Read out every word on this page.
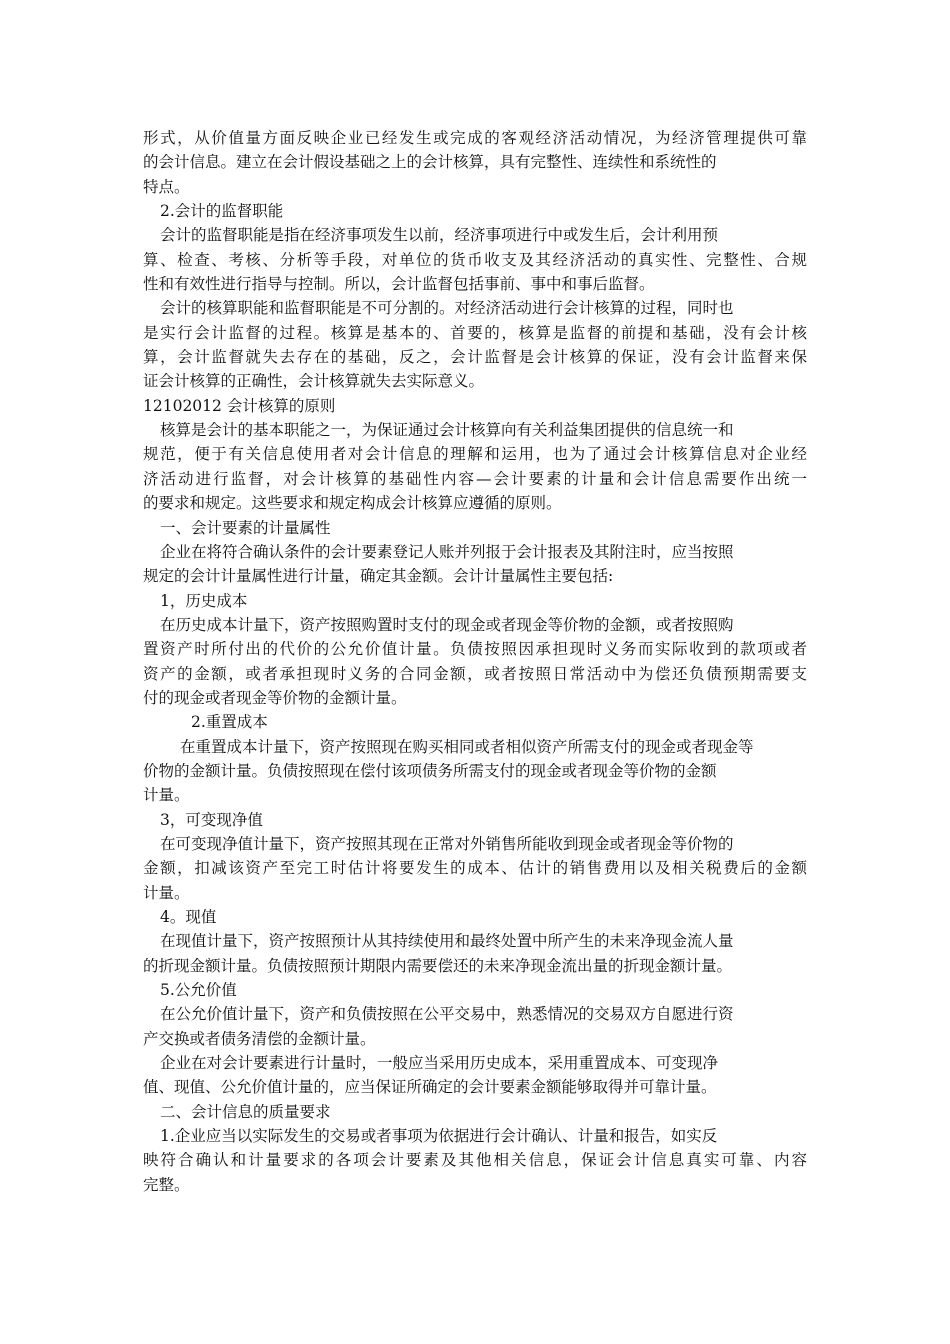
形式，从价值量方面反映企业已经发生或完成的客观经济活动情况，为经济管理提供可靠
的会计信息。建立在会计假设基础之上的会计核算，具有完整性、连续性和系统性的
特点。
2.会计的监督职能
会计的监督职能是指在经济事项发生以前，经济事项进行中或发生后，会计利用预
算、检查、考核、分析等手段，对单位的货币收支及其经济活动的真实性、完整性、合规
性和有效性进行指导与控制。所以，会计监督包括事前、事中和事后监督。
会计的核算职能和监督职能是不可分割的。对经济活动进行会计核算的过程，同时也
是实行会计监督的过程。核算是基本的、首要的，核算是监督的前提和基础，没有会计核
算，会计监督就失去存在的基础，反之，会计监督是会计核算的保证，没有会计监督来保
证会计核算的正确性，会计核算就失去实际意义。
12102012 会计核算的原则
核算是会计的基本职能之一，为保证通过会计核算向有关利益集团提供的信息统一和
规范，便于有关信息使用者对会计信息的理解和运用，也为了通过会计核算信息对企业经
济活动进行监督，对会计核算的基础性内容—会计要素的计量和会计信息需要作出统一
的要求和规定。这些要求和规定构成会计核算应遵循的原则。
一、会计要素的计量属性
企业在将符合确认条件的会计要素登记人账并列报于会计报表及其附注时，应当按照
规定的会计计量属性进行计量，确定其金额。会计计量属性主要包括:
1，历史成本
在历史成本计量下，资产按照购置时支付的现金或者现金等价物的金额，或者按照购
置资产时所付出的代价的公允价值计量。负债按照因承担现时义务而实际收到的款项或者
资产的金额，或者承担现时义务的合同金额，或者按照日常活动中为偿还负债预期需要支
付的现金或者现金等价物的金额计量。
2.重置成本
在重置成本计量下，资产按照现在购买相同或者相似资产所需支付的现金或者现金等
价物的金额计量。负债按照现在偿付该项债务所需支付的现金或者现金等价物的金额
计量。
3，可变现净值
在可变现净值计量下，资产按照其现在正常对外销售所能收到现金或者现金等价物的
金额，扣减该资产至完工时估计将要发生的成本、估计的销售费用以及相关税费后的金额
计量。
4。现值
在现值计量下，资产按照预计从其持续使用和最终处置中所产生的未来净现金流人量
的折现金额计量。负债按照预计期限内需要偿还的未来净现金流出量的折现金额计量。
5.公允价值
在公允价值计量下，资产和负债按照在公平交易中，熟悉情况的交易双方自愿进行资
产交换或者债务清偿的金额计量。
企业在对会计要素进行计量时，一般应当采用历史成本，采用重置成本、可变现净
值、现值、公允价值计量的，应当保证所确定的会计要素金额能够取得并可靠计量。
二、会计信息的质量要求
1.企业应当以实际发生的交易或者事项为依据进行会计确认、计量和报告，如实反
映符合确认和计量要求的各项会计要素及其他相关信息，保证会计信息真实可靠、内容
完整。
